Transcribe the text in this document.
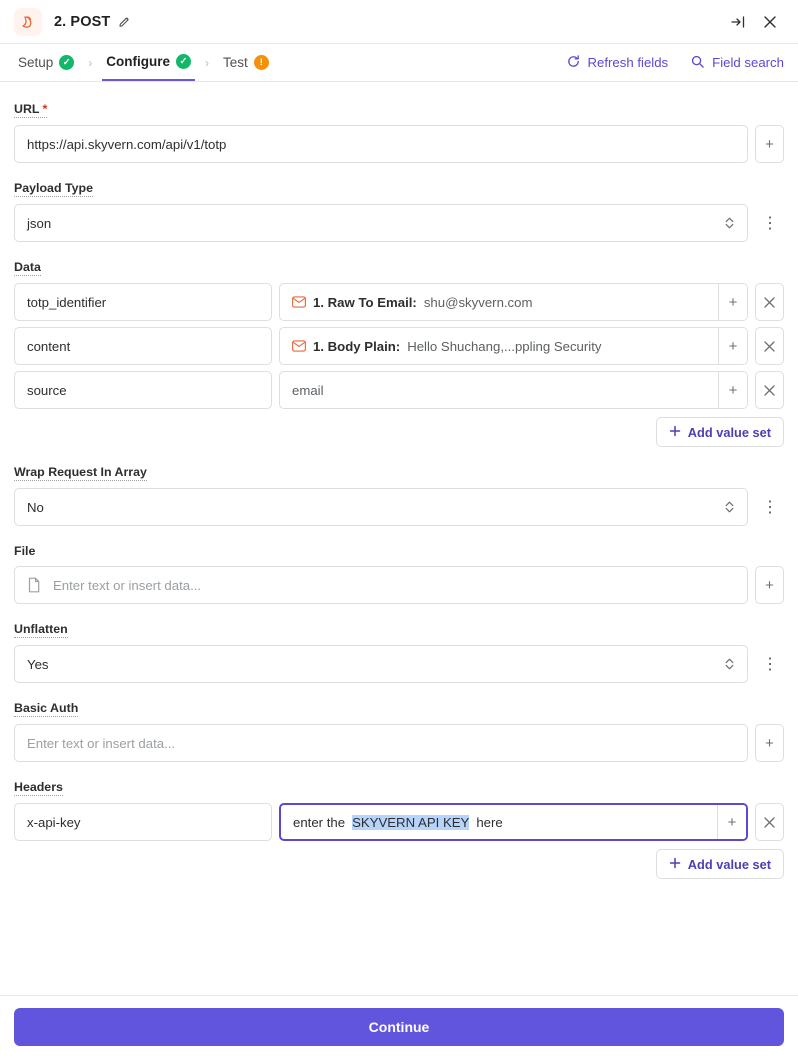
2. POST
Setup	✓	›	Configure	✓	›	Test	!	Refresh fields	Field search
URL *
https://api.skyvern.com/api/v1/totp	+
Payload Type
json	⋮
Data
totp_identifier	1. Raw To Email: shu@skyvern.com	+
content	1. Body Plain: Hello Shuchang,...ppling Security	+
source	email	+
Add value set
Wrap Request In Array
No	⋮
File
Enter text or insert data...	+
Unflatten
Yes	⋮
Basic Auth
Enter text or insert data...	+
Headers
x-api-key	enter the SKYVERN API KEY here	+
Add value set
Continue
